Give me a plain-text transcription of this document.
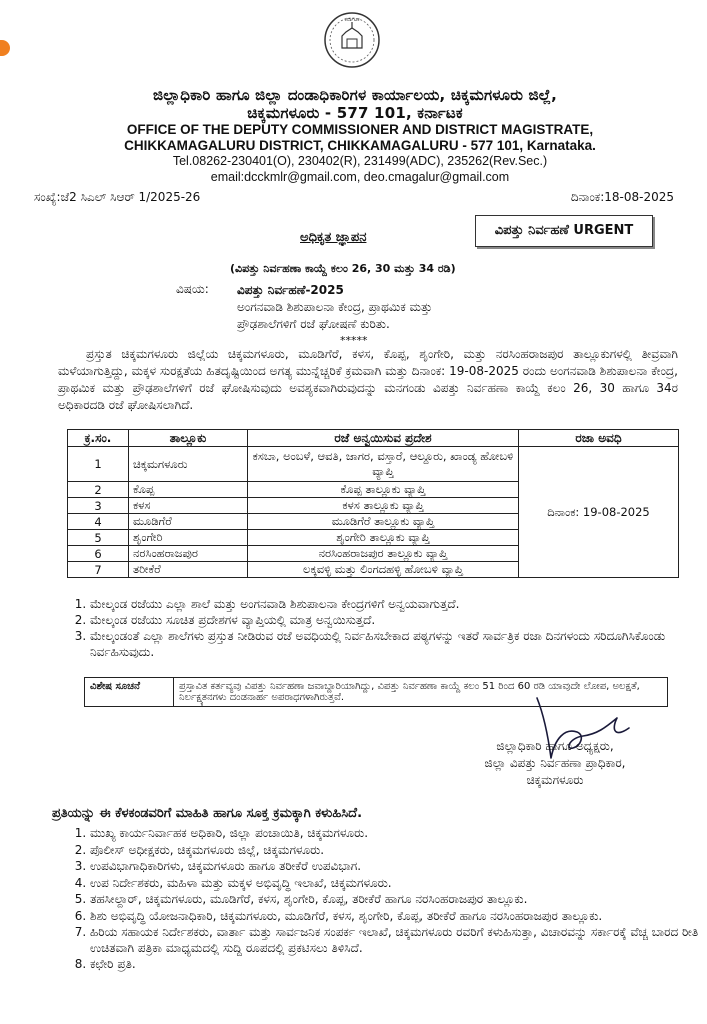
ಕರ್ನಾಟಕ
ಜಿಲ್ಲಾಧಿಕಾರಿ ಹಾಗೂ ಜಿಲ್ಲಾ ದಂಡಾಧಿಕಾರಿಗಳ ಕಾರ್ಯಾಲಯ, ಚಿಕ್ಕಮಗಳೂರು ಜಿಲ್ಲೆ,
ಚಿಕ್ಕಮಗಳೂರು - 577 101, ಕರ್ನಾಟಕ
OFFICE OF THE DEPUTY COMMISSIONER AND DISTRICT MAGISTRATE,
CHIKKAMAGALURU DISTRICT, CHIKKAMAGALURU - 577 101, Karnataka.
Tel.08262-230401(O), 230402(R), 231499(ADC), 235262(Rev.Sec.)
email:dcckmlr@gmail.com, deo.cmagalur@gmail.com
ಸಂಖ್ಯೆ:ಜೆ2 ಸಿಎಲ್ ಸಿಆರ್ 1/2025-26	ದಿನಾಂಕ:18-08-2025
ವಿಪತ್ತು ನಿರ್ವಹಣೆ URGENT
ಅಧಿಕೃತ ಜ್ಞಾಪನ
(ವಿಪತ್ತು ನಿರ್ವಹಣಾ ಕಾಯ್ದೆ ಕಲಂ 26, 30 ಮತ್ತು 34 ರಡಿ)
ವಿಷಯ: ವಿಪತ್ತು ನಿರ್ವಹಣೆ-2025
ಅಂಗನವಾಡಿ ಶಿಶುಪಾಲನಾ ಕೇಂದ್ರ, ಪ್ರಾಥಮಿಕ ಮತ್ತು
ಪ್ರೌಢಶಾಲೆಗಳಿಗೆ ರಜೆ ಘೋಷಣೆ ಕುರಿತು.
*****
ಪ್ರಸ್ತುತ ಚಿಕ್ಕಮಗಳೂರು ಜಿಲ್ಲೆಯ ಚಿಕ್ಕಮಗಳೂರು, ಮೂಡಿಗೆರೆ, ಕಳಸ, ಕೊಪ್ಪ, ಶೃಂಗೇರಿ, ಮತ್ತು ನರಸಿಂಹರಾಜಪುರ ತಾಲ್ಲೂಕುಗಳಲ್ಲಿ ತೀವ್ರವಾಗಿ ಮಳೆಯಾಗುತ್ತಿದ್ದು, ಮಕ್ಕಳ ಸುರಕ್ಷತೆಯ ಹಿತದೃಷ್ಟಿಯಿಂದ ಅಗತ್ಯ ಮುನ್ನೆಚ್ಚರಿಕೆ ಕ್ರಮವಾಗಿ ಮತ್ತು ದಿನಾಂಕ: 19-08-2025 ರಂದು ಅಂಗನವಾಡಿ ಶಿಶುಪಾಲನಾ ಕೇಂದ್ರ, ಪ್ರಾಥಮಿಕ ಮತ್ತು ಪ್ರೌಢಶಾಲೆಗಳಿಗೆ ರಜೆ ಘೋಷಿಸುವುದು ಅವಶ್ಯಕವಾಗಿರುವುದನ್ನು ಮನಗಂಡು ವಿಪತ್ತು ನಿರ್ವಹಣಾ ಕಾಯ್ದೆ ಕಲಂ 26, 30 ಹಾಗೂ 34ರ ಅಧಿಕಾರದಡಿ ರಜೆ ಘೋಷಿಸಲಾಗಿದೆ.
ಕ್ರ.ಸಂ.	ತಾಲ್ಲೂಕು	ರಜೆ ಅನ್ವಯಿಸುವ ಪ್ರದೇಶ	ರಜಾ ಅವಧಿ
1	ಚಿಕ್ಕಮಗಳೂರು	ಕಸಬಾ, ಅಂಬಳೆ, ಆವತಿ, ಜಾಗರ, ವಸ್ತಾರೆ, ಆಲ್ದೂರು, ಖಾಂಡ್ಯ ಹೋಬಳಿ ವ್ಯಾಪ್ತಿ	ದಿನಾಂಕ: 19-08-2025
2	ಕೊಪ್ಪ	ಕೊಪ್ಪ ತಾಲ್ಲೂಕು ವ್ಯಾಪ್ತಿ	
3	ಕಳಸ	ಕಳಸ ತಾಲ್ಲೂಕು ವ್ಯಾಪ್ತಿ	
4	ಮೂಡಿಗೆರೆ	ಮೂಡಿಗೆರೆ ತಾಲ್ಲೂಕು ವ್ಯಾಪ್ತಿ	
5	ಶೃಂಗೇರಿ	ಶೃಂಗೇರಿ ತಾಲ್ಲೂಕು ವ್ಯಾಪ್ತಿ	
6	ನರಸಿಂಹರಾಜಪುರ	ನರಸಿಂಹರಾಜಪುರ ತಾಲ್ಲೂಕು ವ್ಯಾಪ್ತಿ	
7	ತರೀಕೆರೆ	ಲಕ್ಕವಳ್ಳಿ ಮತ್ತು ಲಿಂಗದಹಳ್ಳಿ ಹೋಬಳಿ ವ್ಯಾಪ್ತಿ	
1. ಮೇಲ್ಕಂಡ ರಜೆಯು ಎಲ್ಲಾ ಶಾಲೆ ಮತ್ತು ಅಂಗನವಾಡಿ ಶಿಶುಪಾಲನಾ ಕೇಂದ್ರಗಳಿಗೆ ಅನ್ವಯವಾಗುತ್ತದೆ.
2. ಮೇಲ್ಕಂಡ ರಜೆಯು ಸೂಚಿತ ಪ್ರದೇಶಗಳ ವ್ಯಾಪ್ತಿಯಲ್ಲಿ ಮಾತ್ರ ಅನ್ವಯಿಸುತ್ತದೆ.
3. ಮೇಲ್ಕಂಡಂತೆ ಎಲ್ಲಾ ಶಾಲೆಗಳು ಪ್ರಸ್ತುತ ನೀಡಿರುವ ರಜೆ ಅವಧಿಯಲ್ಲಿ ನಿರ್ವಹಿಸಬೇಕಾದ ಪಠ್ಯಗಳನ್ನು ಇತರೆ ಸಾರ್ವತ್ರಿಕ ರಜಾ ದಿನಗಳಂದು ಸರಿದೂಗಿಸಿಕೊಂಡು ನಿರ್ವಹಿಸುವುದು.
ವಿಶೇಷ ಸೂಚನೆ	ಪ್ರಸ್ತಾವಿತ ಕರ್ತವ್ಯವು ವಿಪತ್ತು ನಿರ್ವಹಣಾ ಜವಾಬ್ದಾರಿಯಾಗಿದ್ದು, ವಿಪತ್ತು ನಿರ್ವಹಣಾ ಕಾಯ್ದೆ ಕಲಂ 51 ರಿಂದ 60 ರಡಿ ಯಾವುದೇ ಲೋಪ, ಅಲಕ್ಷತೆ, ನಿರ್ಲಕ್ಷ್ಯತನಗಳು ದಂಡನಾರ್ಹ ಅಪರಾಧಗಳಾಗಿರುತ್ತವೆ.
ಜಿಲ್ಲಾಧಿಕಾರಿ ಹಾಗೂ ಅಧ್ಯಕ್ಷರು,
ಜಿಲ್ಲಾ ವಿಪತ್ತು ನಿರ್ವಹಣಾ ಪ್ರಾಧಿಕಾರ,
ಚಿಕ್ಕಮಗಳೂರು
ಪ್ರತಿಯನ್ನು ಈ ಕೆಳಕಂಡವರಿಗೆ ಮಾಹಿತಿ ಹಾಗೂ ಸೂಕ್ತ ಕ್ರಮಕ್ಕಾಗಿ ಕಳುಹಿಸಿದೆ.
1. ಮುಖ್ಯ ಕಾರ್ಯನಿರ್ವಾಹಕ ಅಧಿಕಾರಿ, ಜಿಲ್ಲಾ ಪಂಚಾಯಿತಿ, ಚಿಕ್ಕಮಗಳೂರು.
2. ಪೊಲೀಸ್ ಅಧೀಕ್ಷಕರು, ಚಿಕ್ಕಮಗಳೂರು ಜಿಲ್ಲೆ, ಚಿಕ್ಕಮಗಳೂರು.
3. ಉಪವಿಭಾಗಾಧಿಕಾರಿಗಳು, ಚಿಕ್ಕಮಗಳೂರು ಹಾಗೂ ತರೀಕೆರೆ ಉಪವಿಭಾಗ.
4. ಉಪ ನಿರ್ದೇಶಕರು, ಮಹಿಳಾ ಮತ್ತು ಮಕ್ಕಳ ಅಭಿವೃದ್ಧಿ ಇಲಾಖೆ, ಚಿಕ್ಕಮಗಳೂರು.
5. ತಹಸೀಲ್ದಾರ್, ಚಿಕ್ಕಮಗಳೂರು, ಮೂಡಿಗೆರೆ, ಕಳಸ, ಶೃಂಗೇರಿ, ಕೊಪ್ಪ, ತರೀಕೆರೆ ಹಾಗೂ ನರಸಿಂಹರಾಜಪುರ ತಾಲ್ಲೂಕು.
6. ಶಿಶು ಅಭಿವೃದ್ಧಿ ಯೋಜನಾಧಿಕಾರಿ, ಚಿಕ್ಕಮಗಳೂರು, ಮೂಡಿಗೆರೆ, ಕಳಸ, ಶೃಂಗೇರಿ, ಕೊಪ್ಪ, ತರೀಕೆರೆ ಹಾಗೂ ನರಸಿಂಹರಾಜಪುರ ತಾಲ್ಲೂಕು.
7. ಹಿರಿಯ ಸಹಾಯಕ ನಿರ್ದೇಶಕರು, ವಾರ್ತಾ ಮತ್ತು ಸಾರ್ವಜನಿಕ ಸಂಪರ್ಕ ಇಲಾಖೆ, ಚಿಕ್ಕಮಗಳೂರು ರವರಿಗೆ ಕಳುಹಿಸುತ್ತಾ, ವಿಚಾರವನ್ನು ಸರ್ಕಾರಕ್ಕೆ ವೆಚ್ಚ ಬಾರದ ರೀತಿ ಉಚಿತವಾಗಿ ಪತ್ರಿಕಾ ಮಾಧ್ಯಮದಲ್ಲಿ ಸುದ್ದಿ ರೂಪದಲ್ಲಿ ಪ್ರಕಟಿಸಲು ತಿಳಿಸಿದೆ.
8. ಕಛೇರಿ ಪ್ರತಿ.
